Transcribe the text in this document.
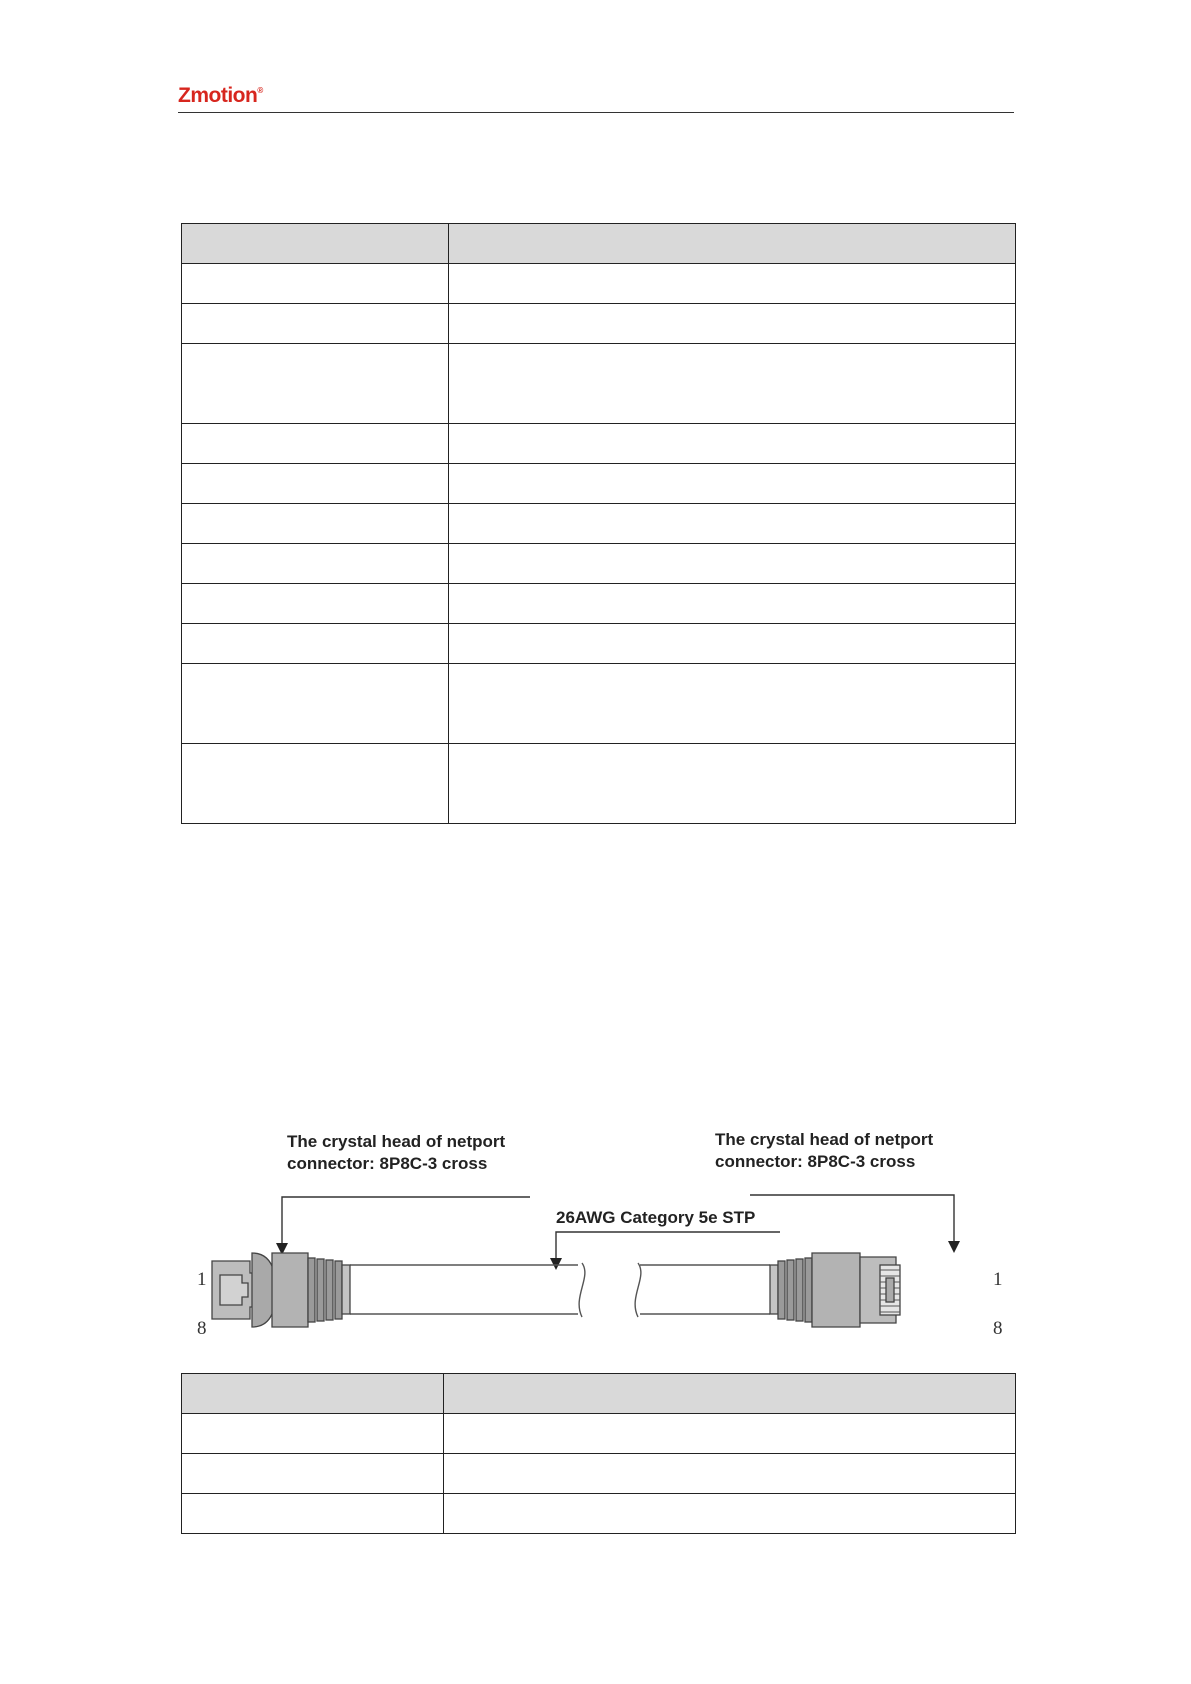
Zmotion®

The crystal head of netport
connector: 8P8C-3 cross
The crystal head of netport
connector: 8P8C-3 cross
26AWG Category 5e STP
1
8
1
8
